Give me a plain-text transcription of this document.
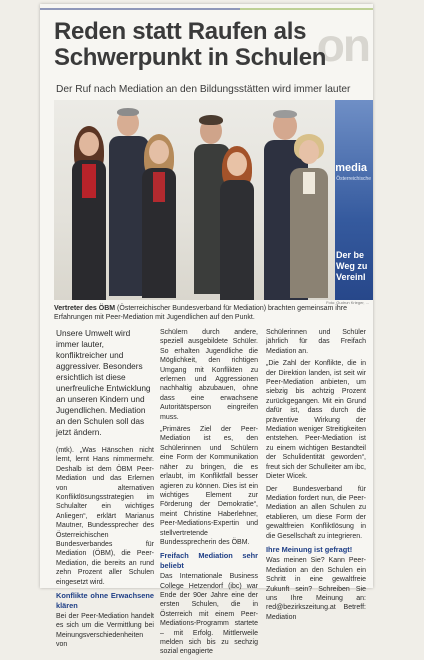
on
Reden statt Raufen als Schwerpunkt in Schulen
Der Ruf nach Mediation an den Bildungsstätten wird immer lauter
media
Österreichische
Der be Weg zu Vereinl
Foto: Gudrun Krieger, ...
Vertreter des ÖBM (Österreichischer Bundesverband für Mediation) brachten gemeinsam ihre Erfahrungen mit Peer-Mediation mit Jugendlichen auf den Punkt.
Unsere Umwelt wird immer lauter, konfliktreicher und aggressiver. Besonders ersichtlich ist diese unerfreuliche Entwicklung an unseren Kindern und Jugendlichen. Mediation an den Schulen soll das jetzt ändern.

(mtk). „Was Hänschen nicht lernt, lernt Hans nimmermehr. Deshalb ist dem ÖBM Peer-Mediation und das Erlernen von alternativen Konfliktlösungsstrategien im Schulalter ein wichtiges Anliegen“, erklärt Marianus Mautner, Bundessprecher des Österreichischen Bundesverbandes für Mediation (ÖBM), die Peer-Mediation, die bereits an rund zehn Prozent aller Schulen eingesetzt wird.

Konflikte ohne Erwachsene klären

Bei der Peer-Mediation handelt es sich um die Vermittlung bei Meinungsverschiedenheiten von

Schülern durch andere, speziell ausgebildete Schüler. So erhalten Jugendliche die Möglichkeit, den richtigen Umgang mit Konflikten zu erlernen und Aggressionen nachhaltig abzubauen, ohne dass eine erwachsene Autoritätsperson eingreifen muss.

„Primäres Ziel der Peer-Mediation ist es, den Schülerinnen und Schülern eine Form der Kommunikation näher zu bringen, die es erlaubt, im Konfliktfall besser agieren zu können. Dies ist ein wichtiges Element zur Förderung der Demokratie“, meint Christine Haberlehner, Peer-Mediations-Expertin und stellvertretende Bundessprecherin des ÖBM.

Freifach Mediation sehr beliebt

Das Internationale Business College Hetzendorf (ibc) war Ende der 90er Jahre eine der ersten Schulen, die in Österreich mit einem Peer-Mediations-Programm startete – mit Erfolg. Mittlerweile melden sich bis zu sechzig sozial engagierte

Schülerinnen und Schüler jährlich für das Freifach Mediation an.

„Die Zahl der Konflikte, die in der Direktion landen, ist seit wir Peer-Mediation anbieten, um siebzig bis achtzig Prozent zurückgegangen. Mit ein Grund dafür ist, dass durch die präventive Wirkung der Mediation weniger Streitigkeiten entstehen. Peer-Mediation ist zu einem wichtigen Bestandteil der Schulidentität geworden“, freut sich der Schulleiter am ibc, Dieter Wicek.

Der Bundesverband für Mediation fordert nun, die Peer-Mediation an allen Schulen zu etablieren, um diese Form der gewaltfreien Konfliktlösung in die Gesellschaft zu integrieren.

Ihre Meinung ist gefragt!

Was meinen Sie? Kann Peer-Mediation an den Schulen ein Schritt in eine gewaltfreie Zukunft sein? Schreiben Sie uns Ihre Meinung an: red@bezirkszeitung.at Betreff: Mediation
